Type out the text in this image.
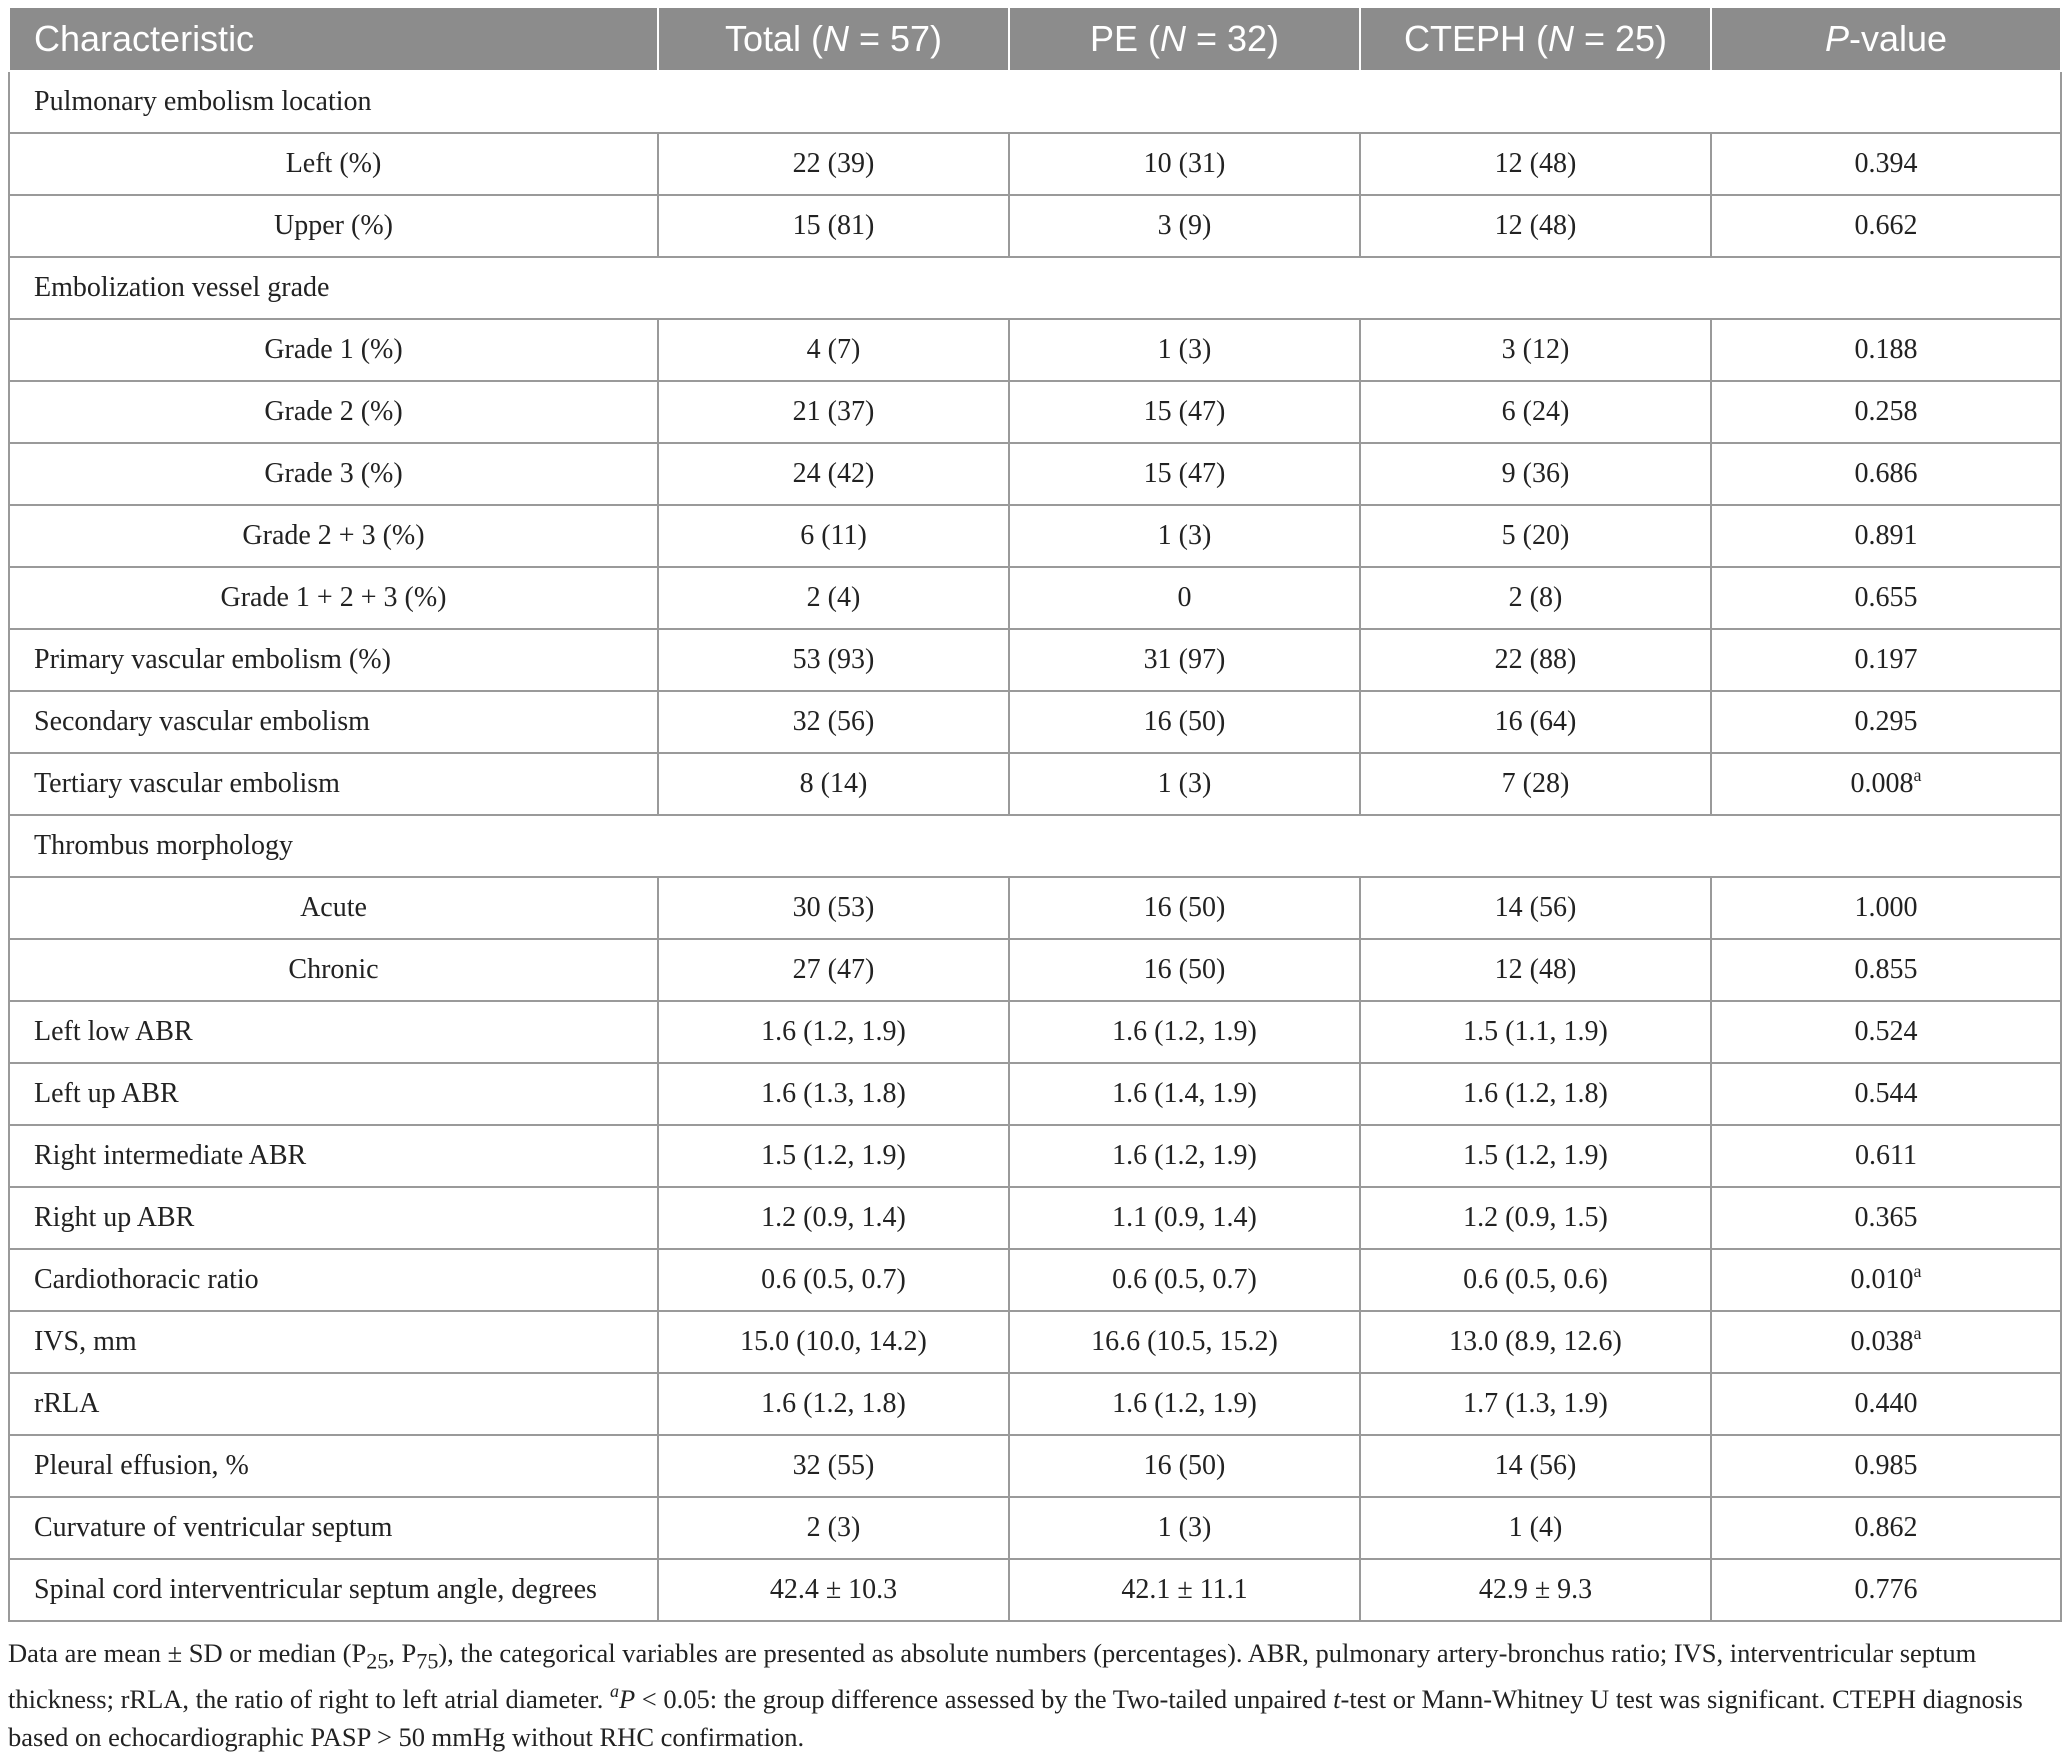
Characteristic	Total (N = 57)	PE (N = 32)	CTEPH (N = 25)	P-value
Pulmonary embolism location				
Left (%)	22 (39)	10 (31)	12 (48)	0.394
Upper (%)	15 (81)	3 (9)	12 (48)	0.662
Embolization vessel grade				
Grade 1 (%)	4 (7)	1 (3)	3 (12)	0.188
Grade 2 (%)	21 (37)	15 (47)	6 (24)	0.258
Grade 3 (%)	24 (42)	15 (47)	9 (36)	0.686
Grade 2 + 3 (%)	6 (11)	1 (3)	5 (20)	0.891
Grade 1 + 2 + 3 (%)	2 (4)	0	2 (8)	0.655
Primary vascular embolism (%)	53 (93)	31 (97)	22 (88)	0.197
Secondary vascular embolism	32 (56)	16 (50)	16 (64)	0.295
Tertiary vascular embolism	8 (14)	1 (3)	7 (28)	0.008$^a$
Thrombus morphology				
Acute	30 (53)	16 (50)	14 (56)	1.000
Chronic	27 (47)	16 (50)	12 (48)	0.855
Left low ABR	1.6 (1.2, 1.9)	1.6 (1.2, 1.9)	1.5 (1.1, 1.9)	0.524
Left up ABR	1.6 (1.3, 1.8)	1.6 (1.4, 1.9)	1.6 (1.2, 1.8)	0.544
Right intermediate ABR	1.5 (1.2, 1.9)	1.6 (1.2, 1.9)	1.5 (1.2, 1.9)	0.611
Right up ABR	1.2 (0.9, 1.4)	1.1 (0.9, 1.4)	1.2 (0.9, 1.5)	0.365
Cardiothoracic ratio	0.6 (0.5, 0.7)	0.6 (0.5, 0.7)	0.6 (0.5, 0.6)	0.010$^a$
IVS, mm	15.0 (10.0, 14.2)	16.6 (10.5, 15.2)	13.0 (8.9, 12.6)	0.038$^a$
rRLA	1.6 (1.2, 1.8)	1.6 (1.2, 1.9)	1.7 (1.3, 1.9)	0.440
Pleural effusion, %	32 (55)	16 (50)	14 (56)	0.985
Curvature of ventricular septum	2 (3)	1 (3)	1 (4)	0.862
Spinal cord interventricular septum angle, degrees	42.4 ± 10.3	42.1 ± 11.1	42.9 ± 9.3	0.776

Data are mean ± SD or median ($P_{25}$, $P_{75}$), the categorical variables are presented as absolute numbers (percentages). ABR, pulmonary artery-bronchus ratio; IVS, interventricular septum thickness; rRLA, the ratio of right to left atrial diameter. $^a$P < 0.05: the group difference assessed by the Two-tailed unpaired t-test or Mann-Whitney U test was significant. CTEPH diagnosis based on echocardiographic PASP > 50 mmHg without RHC confirmation.
